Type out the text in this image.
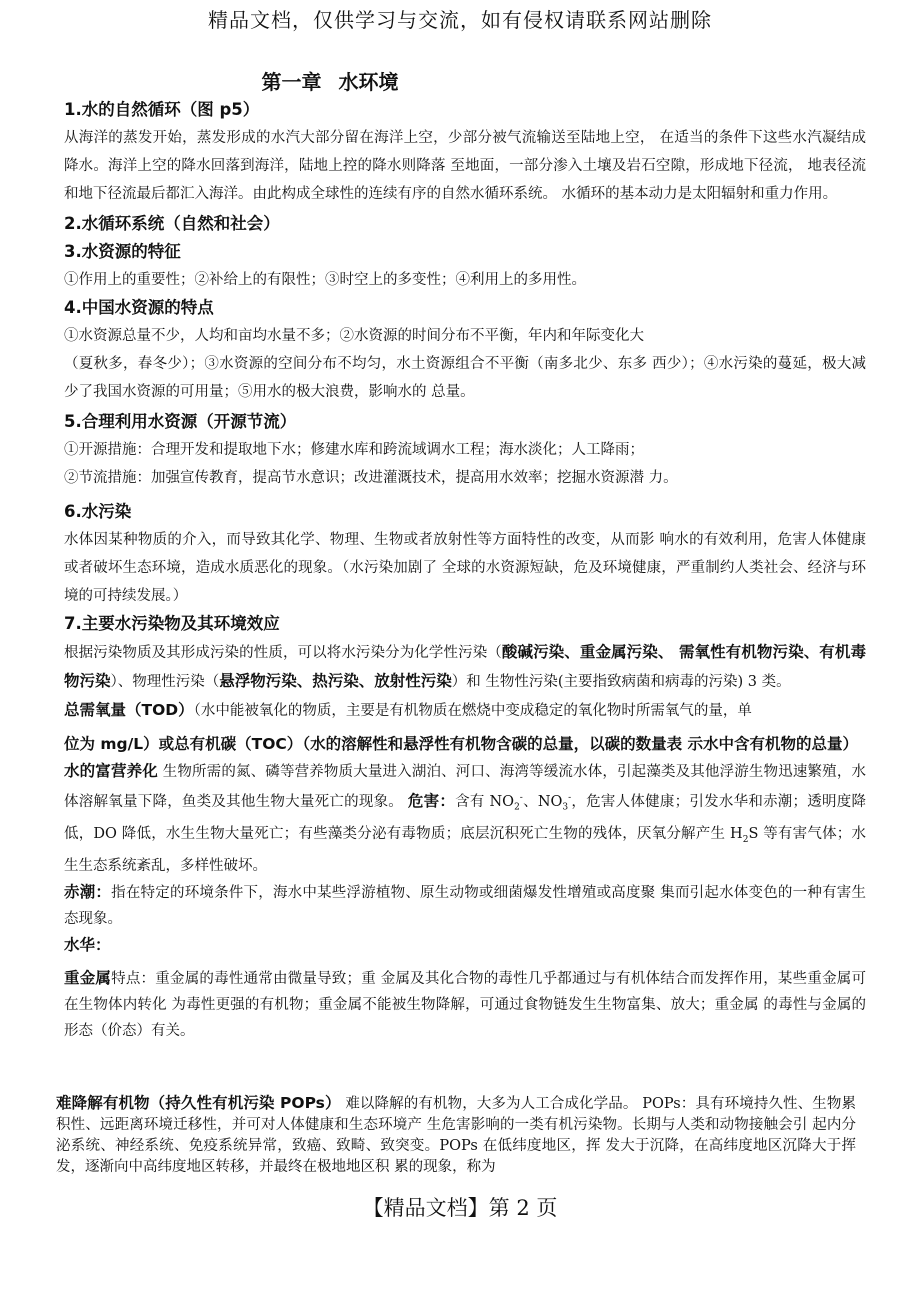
精品文档，仅供学习与交流，如有侵权请联系网站删除
第一章 水环境
1.水的自然循环（图 p5）
从海洋的蒸发开始，蒸发形成的水汽大部分留在海洋上空，少部分被气流输送至陆地上空， 在适当的条件下这些水汽凝结成降水。海洋上空的降水回落到海洋，陆地上控的降水则降落 至地面，一部分渗入土壤及岩石空隙，形成地下径流， 地表径流和地下径流最后都汇入海洋。由此构成全球性的连续有序的自然水循环系统。 水循环的基本动力是太阳辐射和重力作用。
2.水循环系统（自然和社会）
3.水资源的特征
①作用上的重要性；②补给上的有限性；③时空上的多变性；④利用上的多用性。
4.中国水资源的特点
①水资源总量不少，人均和亩均水量不多；②水资源的时间分布不平衡，年内和年际变化大
（夏秋多，春冬少）；③水资源的空间分布不均匀，水土资源组合不平衡（南多北少、东多 西少）；④水污染的蔓延，极大减少了我国水资源的可用量；⑤用水的极大浪费，影响水的 总量。
5.合理利用水资源（开源节流）
①开源措施：合理开发和提取地下水；修建水库和跨流域调水工程；海水淡化；人工降雨；
②节流措施：加强宣传教育，提高节水意识；改进灌溉技术，提高用水效率；挖掘水资源潜 力。
6.水污染
水体因某种物质的介入，而导致其化学、物理、生物或者放射性等方面特性的改变，从而影 响水的有效利用，危害人体健康或者破坏生态环境，造成水质恶化的现象。（水污染加剧了 全球的水资源短缺，危及环境健康，严重制约人类社会、经济与环境的可持续发展。）
7.主要水污染物及其环境效应
根据污染物质及其形成污染的性质，可以将水污染分为化学性污染（酸碱污染、重金属污染、 需氧性有机物污染、有机毒物污染）、物理性污染（悬浮物污染、热污染、放射性污染）和 生物性污染(主要指致病菌和病毒的污染) 3 类。
总需氧量（TOD）（水中能被氧化的物质，主要是有机物质在燃烧中变成稳定的氧化物时所需氧气的量，单
位为 mg/L）或总有机碳（TOC）（水的溶解性和悬浮性有机物含碳的总量，以碳的数量表 示水中含有机物的总量）
水的富营养化 生物所需的氮、磷等营养物质大量进入湖泊、河口、海湾等缓流水体，引起藻类及其他浮游生物迅速繁殖，水体溶解氧量下降，鱼类及其他生物大量死亡的现象。 危害：含有 $NO_2^-$、$NO_3^-$，危害人体健康；引发水华和赤潮；透明度降低，DO 降低，水生生物大量死亡；有些藻类分泌有毒物质；底层沉积死亡生物的残体，厌氧分解产生 $H_2S$ 等有害气体；水生生态系统紊乱，多样性破坏。
赤潮：指在特定的环境条件下，海水中某些浮游植物、原生动物或细菌爆发性增殖或高度聚 集而引起水体变色的一种有害生态现象。
水华：
重金属特点：重金属的毒性通常由微量导致；重 金属及其化合物的毒性几乎都通过与有机体结合而发挥作用，某些重金属可在生物体内转化 为毒性更强的有机物；重金属不能被生物降解，可通过食物链发生生物富集、放大；重金属 的毒性与金属的形态（价态）有关。
难降解有机物（持久性有机污染 POPs） 难以降解的有机物，大多为人工合成化学品。 POPs：具有环境持久性、生物累积性、远距离环境迁移性，并可对人体健康和生态环境产 生危害影响的一类有机污染物。长期与人类和动物接触会引 起内分泌系统、神经系统、免疫系统异常，致癌、致畸、致突变。POPs 在低纬度地区，挥 发大于沉降，在高纬度地区沉降大于挥发，逐渐向中高纬度地区转移，并最终在极地地区积 累的现象，称为
【精品文档】第 2 页
